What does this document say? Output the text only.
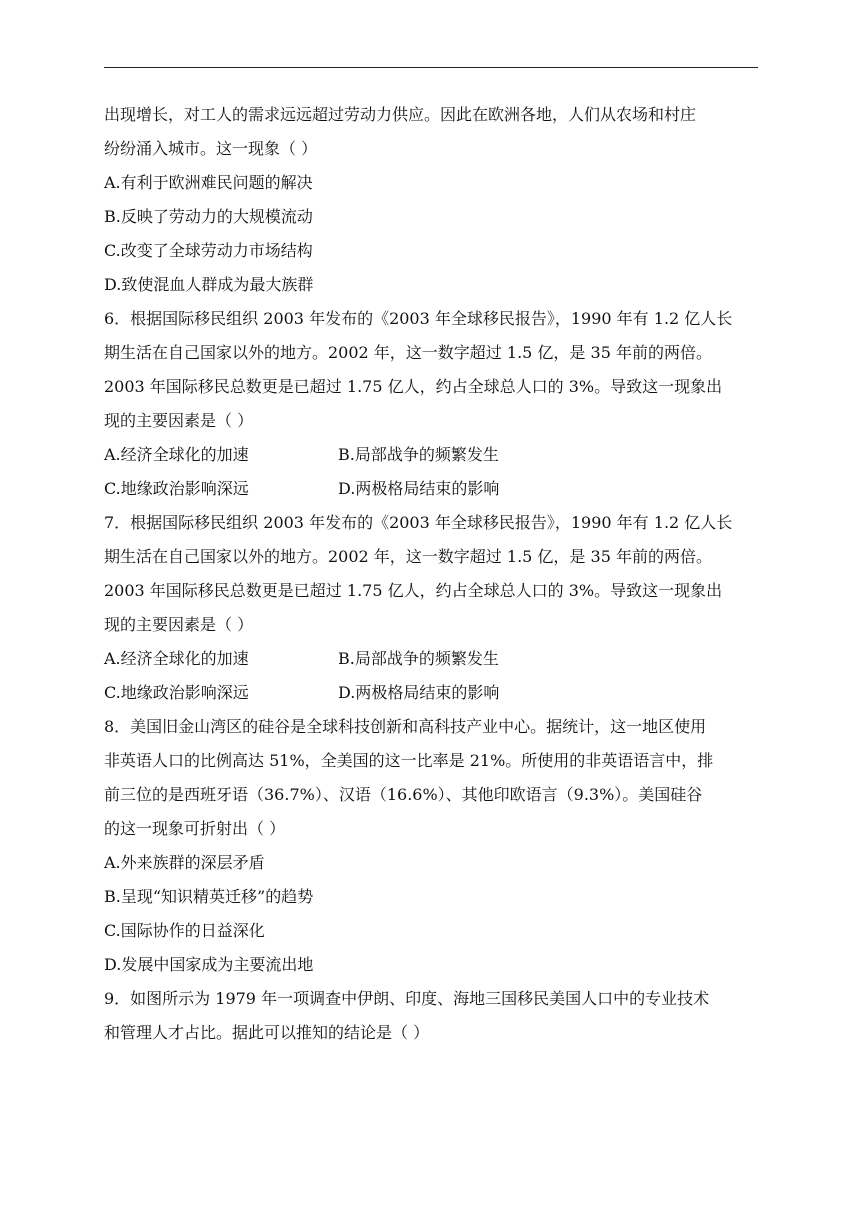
出现增长，对工人的需求远远超过劳动力供应。因此在欧洲各地，人们从农场和村庄
纷纷涌入城市。这一现象（ ）
A.有利于欧洲难民问题的解决
B.反映了劳动力的大规模流动
C.改变了全球劳动力市场结构
D.致使混血人群成为最大族群
6．根据国际移民组织 2003 年发布的《2003 年全球移民报告》，1990 年有 1.2 亿人长
期生活在自己国家以外的地方。2002 年，这一数字超过 1.5 亿，是 35 年前的两倍。
2003 年国际移民总数更是已超过 1.75 亿人，约占全球总人口的 3%。导致这一现象出
现的主要因素是（ ）
A.经济全球化的加速	B.局部战争的频繁发生
C.地缘政治影响深远	D.两极格局结束的影响
7．根据国际移民组织 2003 年发布的《2003 年全球移民报告》，1990 年有 1.2 亿人长
期生活在自己国家以外的地方。2002 年，这一数字超过 1.5 亿，是 35 年前的两倍。
2003 年国际移民总数更是已超过 1.75 亿人，约占全球总人口的 3%。导致这一现象出
现的主要因素是（ ）
A.经济全球化的加速	B.局部战争的频繁发生
C.地缘政治影响深远	D.两极格局结束的影响
8．美国旧金山湾区的硅谷是全球科技创新和高科技产业中心。据统计，这一地区使用
非英语人口的比例高达 51%，全美国的这一比率是 21%。所使用的非英语语言中，排
前三位的是西班牙语（36.7%）、汉语（16.6%）、其他印欧语言（9.3%）。美国硅谷
的这一现象可折射出（ ）
A.外来族群的深层矛盾
B.呈现“知识精英迁移”的趋势
C.国际协作的日益深化
D.发展中国家成为主要流出地
9．如图所示为 1979 年一项调查中伊朗、印度、海地三国移民美国人口中的专业技术
和管理人才占比。据此可以推知的结论是（ ）
